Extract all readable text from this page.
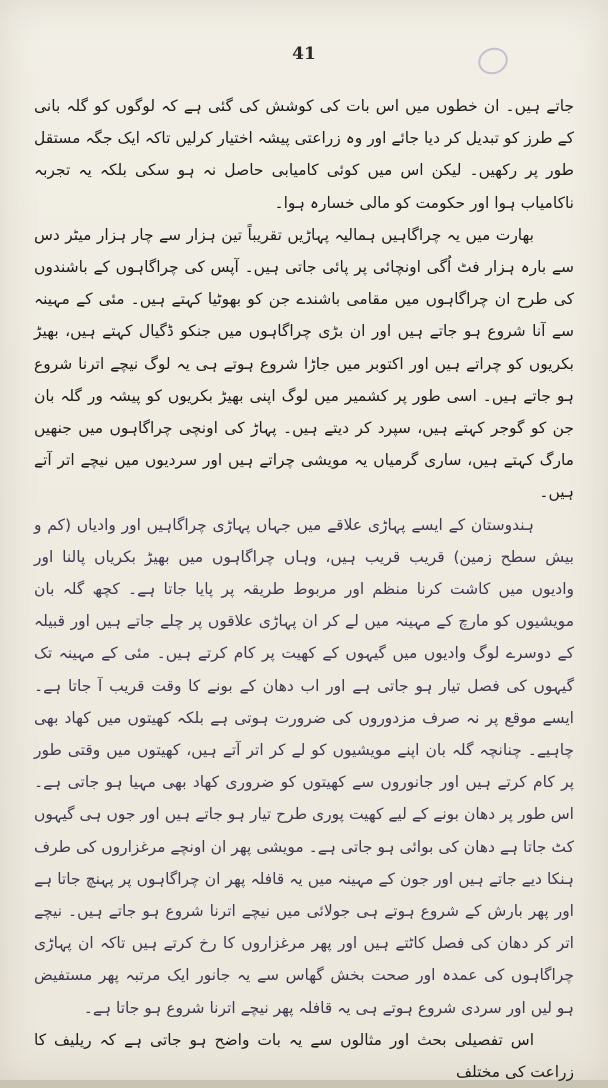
41

جاتے ہیں۔ ان خطوں میں اس بات کی کوشش کی گئی ہے کہ لوگوں کو گلہ بانی کے طرز کو تبدیل کر دیا جائے اور وہ زراعتی پیشہ اختیار کرلیں تاکہ ایک جگہ مستقل طور پر رکھیں۔ لیکن اس میں کوئی کامیابی حاصل نہ ہو سکی بلکہ یہ تجربہ ناکامیاب ہوا اور حکومت کو مالی خسارہ ہوا۔

بھارت میں یہ چراگاہیں ہمالیہ پہاڑیں تقریباً تین ہزار سے چار ہزار میٹر دس سے بارہ ہزار فٹ اُگی اونچائی پر پائی جاتی ہیں۔ آپس کی چراگاہوں کے باشندوں کی طرح ان چراگاہوں میں مقامی باشندے جن کو بھوٹیا کہتے ہیں۔ مئی کے مہینہ سے آنا شروع ہو جاتے ہیں اور ان بڑی چراگاہوں میں جنکو ڈگیال کہتے ہیں، بھیڑ بکریوں کو چراتے ہیں اور اکتوبر میں جاڑا شروع ہوتے ہی یہ لوگ نیچے اترنا شروع ہو جاتے ہیں۔ اسی طور پر کشمیر میں لوگ اپنی بھیڑ بکریوں کو پیشہ ور گلہ بان جن کو گوجر کہتے ہیں، سپرد کر دیتے ہیں۔ پہاڑ کی اونچی چراگاہوں میں جنھیں مارگ کہتے ہیں، ساری گرمیاں یہ مویشی چراتے ہیں اور سردیوں میں نیچے اتر آتے ہیں۔

ہندوستان کے ایسے پہاڑی علاقے میں جہاں پہاڑی چراگاہیں اور وادیاں (کم و بیش سطح زمین) قریب قریب ہیں، وہاں چراگاہوں میں بھیڑ بکریاں پالنا اور وادیوں میں کاشت کرنا منظم اور مربوط طریقہ پر پایا جاتا ہے۔ کچھ گلہ بان مویشیوں کو مارچ کے مہینہ میں لے کر ان پہاڑی علاقوں پر چلے جاتے ہیں اور قبیلہ کے دوسرے لوگ وادیوں میں گیہوں کے کھیت پر کام کرتے ہیں۔ مئی کے مہینہ تک گیہوں کی فصل تیار ہو جاتی ہے اور اب دھان کے بونے کا وقت قریب آ جاتا ہے۔ ایسے موقع پر نہ صرف مزدوروں کی ضرورت ہوتی ہے بلکہ کھیتوں میں کھاد بھی چاہیے۔ چنانچہ گلہ بان اپنے مویشیوں کو لے کر اتر آتے ہیں، کھیتوں میں وقتی طور پر کام کرتے ہیں اور جانوروں سے کھیتوں کو ضروری کھاد بھی مہیا ہو جاتی ہے۔ اس طور پر دھان بونے کے لیے کھیت پوری طرح تیار ہو جاتے ہیں اور جوں ہی گیہوں کٹ جاتا ہے دھان کی بوائی ہو جاتی ہے۔ مویشی پھر ان اونچے مرغزاروں کی طرف ہنکا دیے جاتے ہیں اور جون کے مہینہ میں یہ قافلہ پھر ان چراگاہوں پر پہنچ جاتا ہے اور پھر بارش کے شروع ہوتے ہی جولائی میں نیچے اترنا شروع ہو جاتے ہیں۔ نیچے اتر کر دھان کی فصل کاٹتے ہیں اور پھر مرغزاروں کا رخ کرتے ہیں تاکہ ان پہاڑی چراگاہوں کی عمدہ اور صحت بخش گھاس سے یہ جانور ایک مرتبہ پھر مستفیض ہو لیں اور سردی شروع ہوتے ہی یہ قافلہ پھر نیچے اترنا شروع ہو جاتا ہے۔

اس تفصیلی بحث اور مثالوں سے یہ بات واضح ہو جاتی ہے کہ ریلیف کا زراعت کی مختلف
